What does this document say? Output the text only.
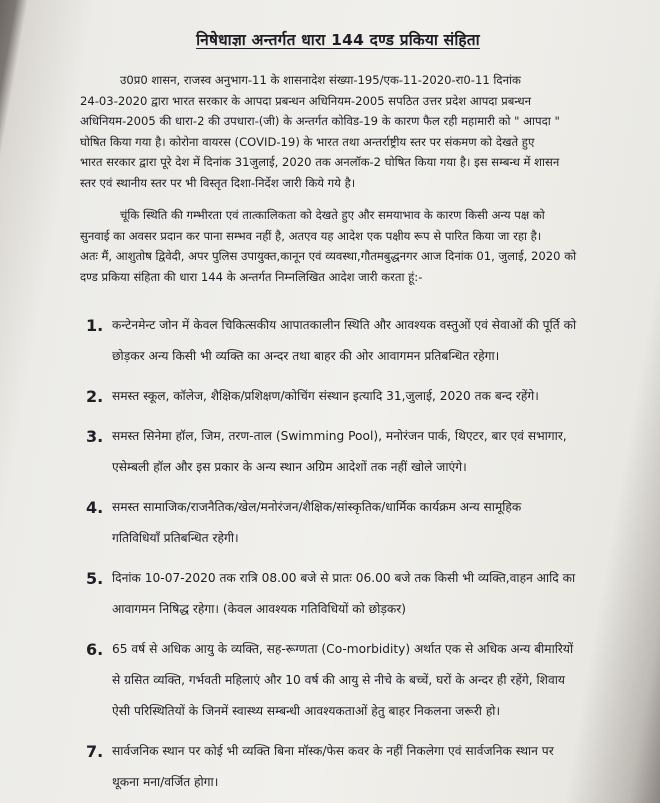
निषेधाज्ञा अन्तर्गत धारा 144 दण्ड प्रकिया संहिता

उ0प्र0 शासन, राजस्व अनुभाग-11 के शासनादेश संख्या-195/एक-11-2020-रा0-11 दिनांक
24-03-2020 द्वारा भारत सरकार के आपदा प्रबन्धन अधिनियम-2005 सपठित उत्तर प्रदेश आपदा प्रबन्धन
अधिनियम-2005 की धारा-2 की उपधारा-(जी) के अन्तर्गत कोविड-19 के कारण फैल रही महामारी को " आपदा "
घोषित किया गया है। कोरोना वायरस (COVID-19) के भारत तथा अन्तर्राष्ट्रीय स्तर पर संकमण को देखते हुए
भारत सरकार द्वारा पूरे देश में दिनांक 31जुलाई, 2020 तक अनलॉक-2 घोषित किया गया है। इस सम्बन्ध में शासन
स्तर एवं स्थानीय स्तर पर भी विस्तृत दिशा-निर्देश जारी किये गये है।

चूंकि स्थिति की गम्भीरता एवं तात्कालिकता को देखते हुए और समयाभाव के कारण किसी अन्य पक्ष को
सुनवाई का अवसर प्रदान कर पाना सम्भव नहीं है, अतएव यह आदेश एक पक्षीय रूप से पारित किया जा रहा है।
अतः मैं, आशुतोष द्विवेदी, अपर पुलिस उपायुक्त,कानून एवं व्यवस्था,गौतमबुद्धनगर आज दिनांक 01, जुलाई, 2020 को
दण्ड प्रकिया संहिता की धारा 144 के अन्तर्गत निम्नलिखित आदेश जारी करता हूं:-

1. कन्टेनमेन्ट जोन में केवल चिकित्सकीय आपातकालीन स्थिति और आवश्यक वस्तुओं एवं सेवाओं की पूर्ति को
छोड़कर अन्य किसी भी व्यक्ति का अन्दर तथा बाहर की ओर आवागमन प्रतिबन्धित रहेगा।
2. समस्त स्कूल, कॉलेज, शैक्षिक/प्रशिक्षण/कोचिंग संस्थान इत्यादि 31,जुलाई, 2020 तक बन्द रहेंगे।
3. समस्त सिनेमा हॉल, जिम, तरण-ताल (Swimming Pool), मनोरंजन पार्क, थिएटर, बार एवं सभागार,
एसेम्बली हॉल और इस प्रकार के अन्य स्थान अग्रिम आदेशों तक नहीं खोले जाएंगे।
4. समस्त सामाजिक/राजनैतिक/खेल/मनोरंजन/शैक्षिक/सांस्कृतिक/धार्मिक कार्यक्रम अन्य सामूहिक
गतिविधियाँ प्रतिबन्धित रहेगी।
5. दिनांक 10-07-2020 तक रात्रि 08.00 बजे से प्रातः 06.00 बजे तक किसी भी व्यक्ति,वाहन आदि का
आवागमन निषिद्ध रहेगा। (केवल आवश्यक गतिविधियों को छोड़कर)
6. 65 वर्ष से अधिक आयु के व्यक्ति, सह-रूग्णता (Co-morbidity) अर्थात एक से अधिक अन्य बीमारियों
से ग्रसित व्यक्ति, गर्भवती महिलाएं और 10 वर्ष की आयु से नीचे के बच्चें, घरों के अन्दर ही रहेंगे, शिवाय
ऐसी परिस्थितियों के जिनमें स्वास्थ्य सम्बन्धी आवश्यकताओं हेतु बाहर निकलना जरूरी हो।
7. सार्वजनिक स्थान पर कोई भी व्यक्ति बिना मॉस्क/फेस कवर के नहीं निकलेगा एवं सार्वजनिक स्थान पर
थूकना मना/वर्जित होगा।
